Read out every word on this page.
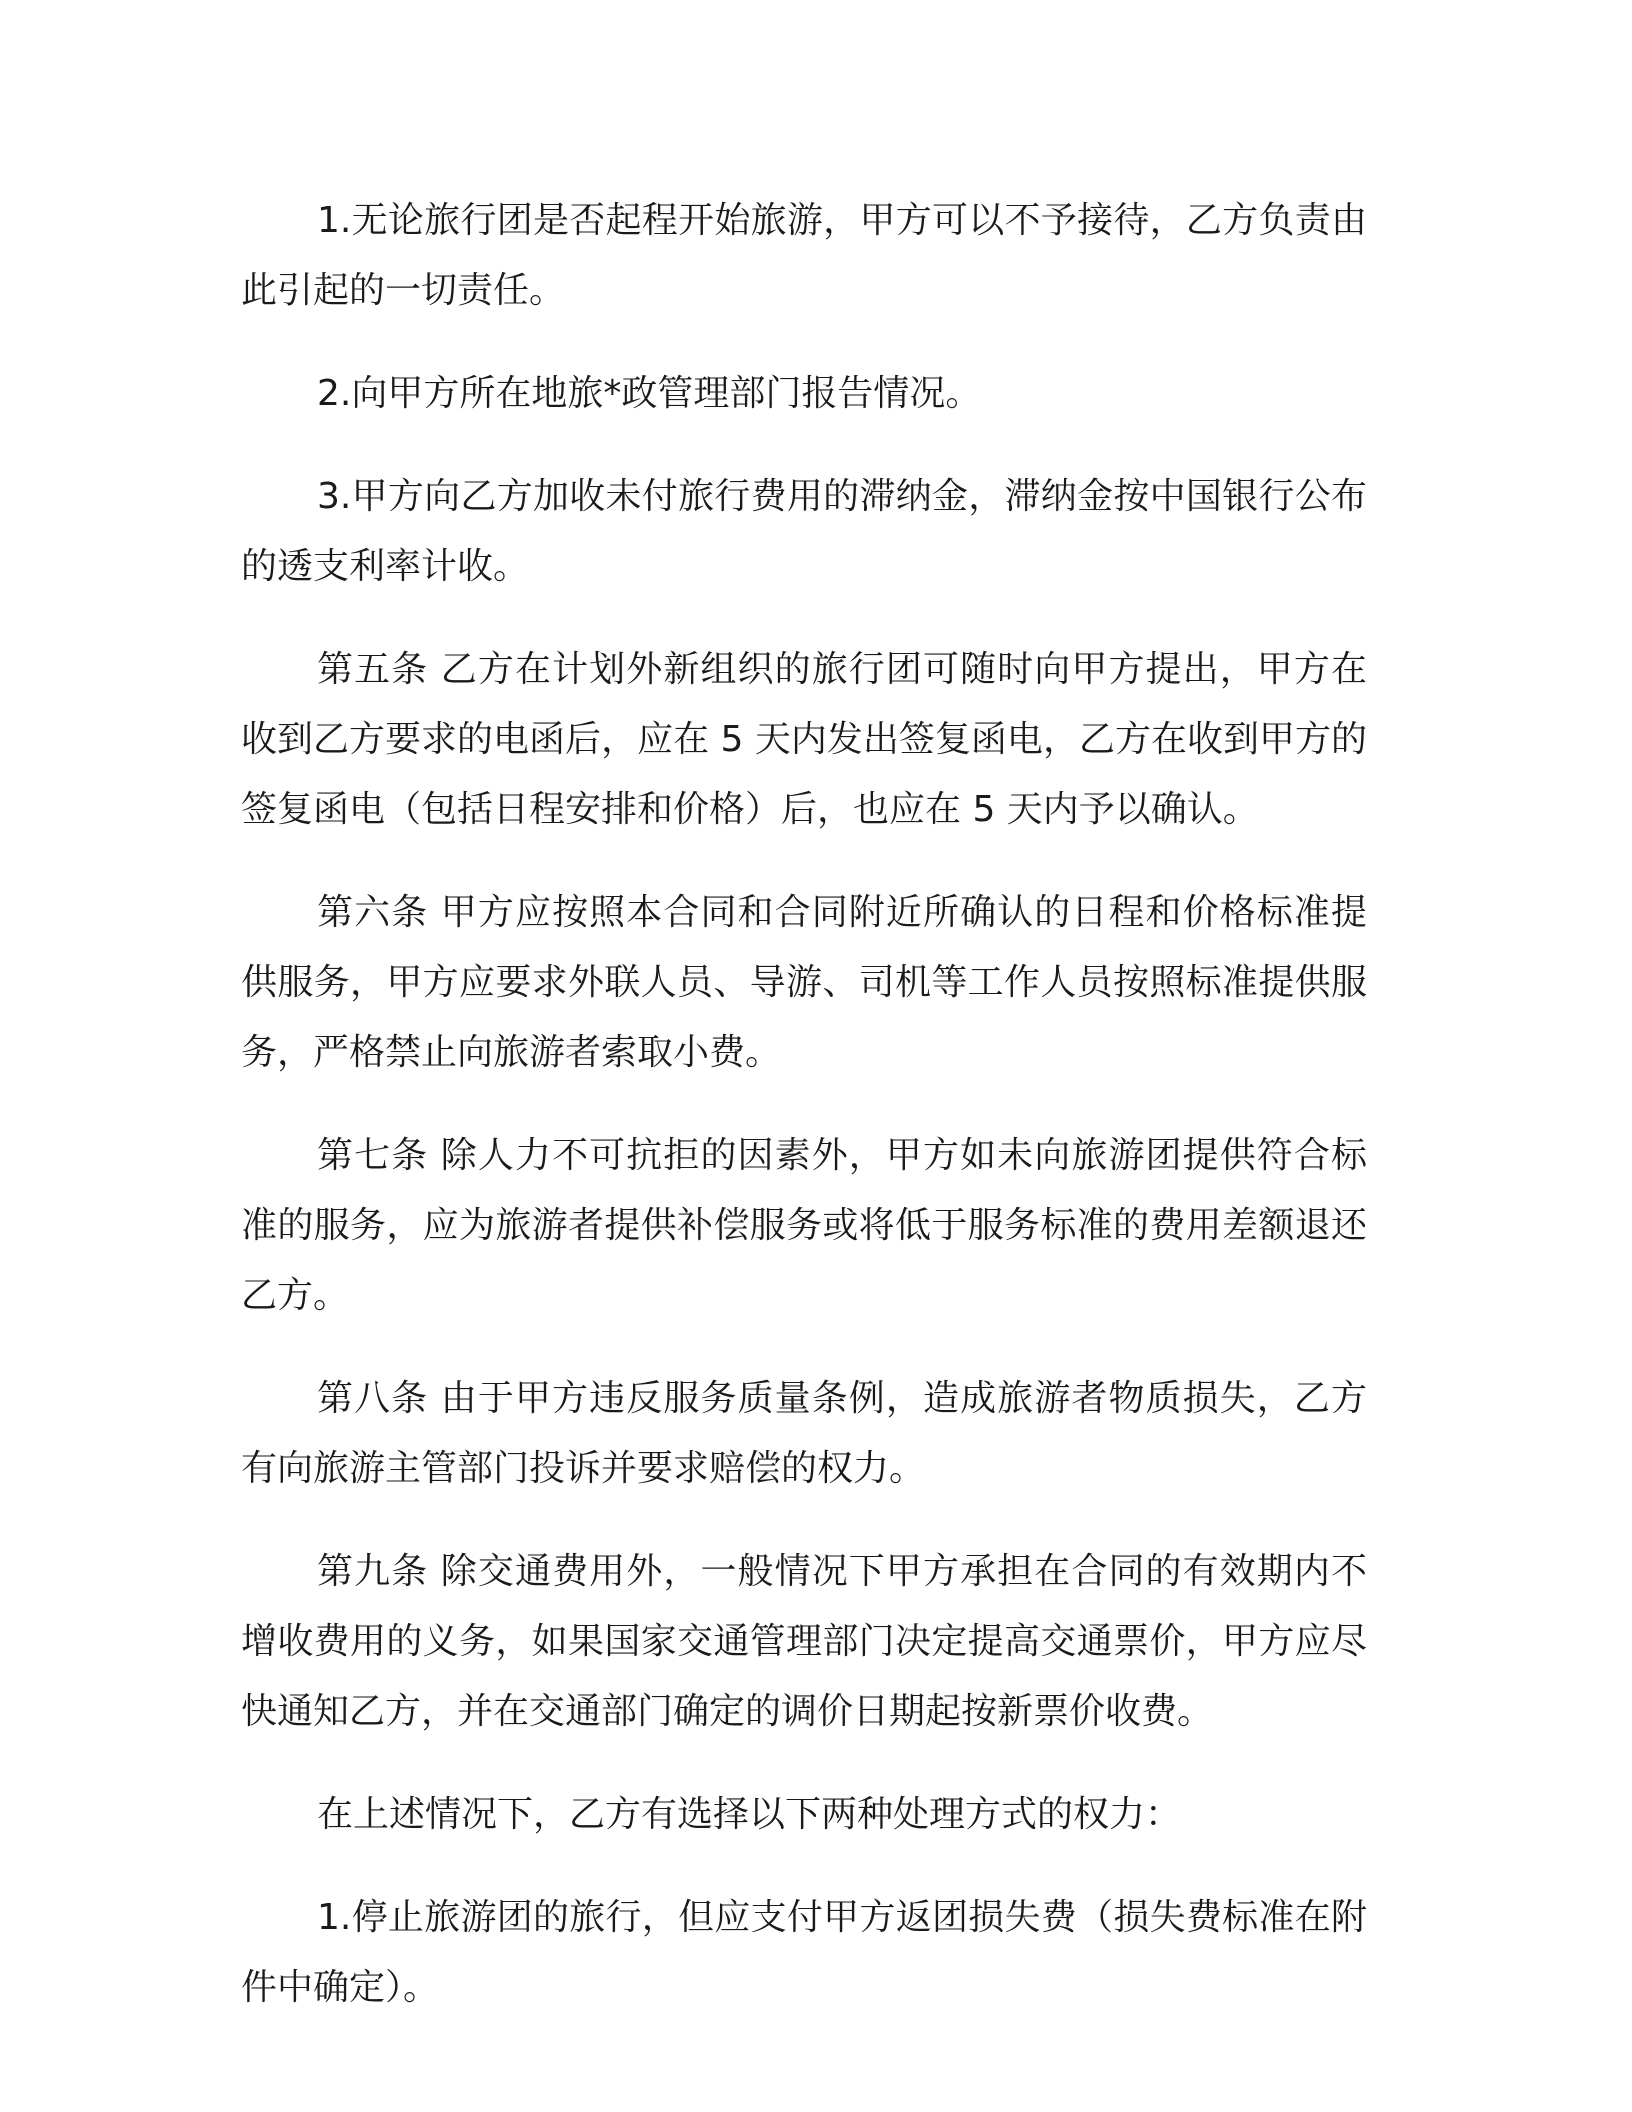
1.无论旅行团是否起程开始旅游，甲方可以不予接待，乙方负责由此引起的一切责任。

2.向甲方所在地旅*政管理部门报告情况。

3.甲方向乙方加收未付旅行费用的滞纳金，滞纳金按中国银行公布的透支利率计收。

第五条 乙方在计划外新组织的旅行团可随时向甲方提出，甲方在收到乙方要求的电函后，应在 5 天内发出签复函电，乙方在收到甲方的签复函电（包括日程安排和价格）后，也应在 5 天内予以确认。

第六条 甲方应按照本合同和合同附近所确认的日程和价格标准提供服务，甲方应要求外联人员、导游、司机等工作人员按照标准提供服务，严格禁止向旅游者索取小费。

第七条 除人力不可抗拒的因素外，甲方如未向旅游团提供符合标准的服务，应为旅游者提供补偿服务或将低于服务标准的费用差额退还乙方。

第八条 由于甲方违反服务质量条例，造成旅游者物质损失，乙方有向旅游主管部门投诉并要求赔偿的权力。

第九条 除交通费用外，一般情况下甲方承担在合同的有效期内不增收费用的义务，如果国家交通管理部门决定提高交通票价，甲方应尽快通知乙方，并在交通部门确定的调价日期起按新票价收费。

在上述情况下，乙方有选择以下两种处理方式的权力：

1.停止旅游团的旅行，但应支付甲方返团损失费（损失费标准在附件中确定）。
